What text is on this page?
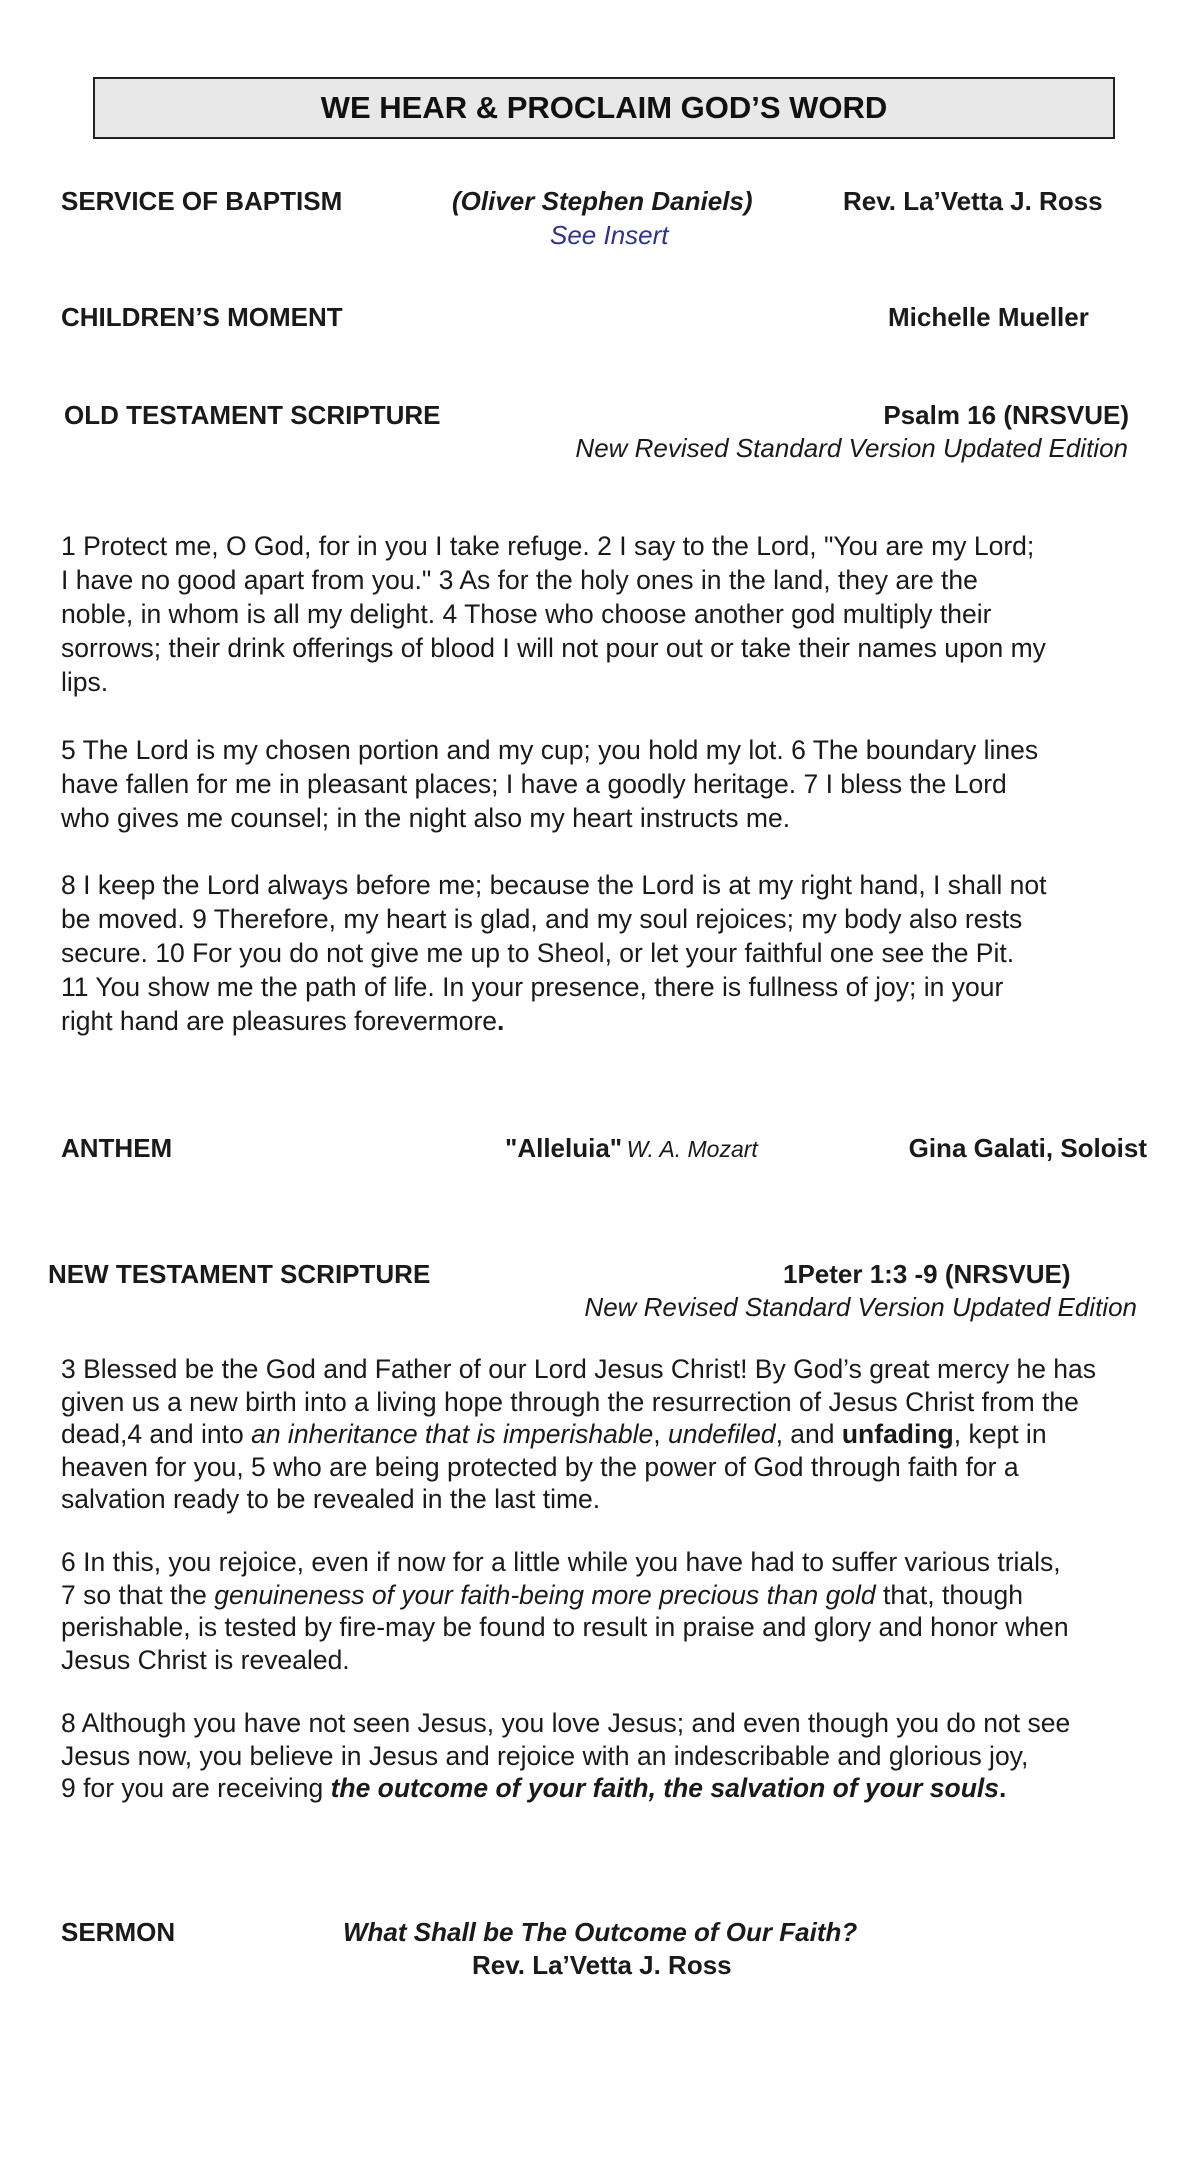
WE HEAR & PROCLAIM GOD’S WORD
SERVICE OF BAPTISM	(Oliver Stephen Daniels)	Rev. La’Vetta J. Ross
See Insert
CHILDREN’S MOMENT	Michelle Mueller
OLD TESTAMENT SCRIPTURE	Psalm 16 (NRSVUE)
New Revised Standard Version Updated Edition
1 Protect me, O God, for in you I take refuge. 2 I say to the Lord, "You are my Lord;
I have no good apart from you." 3 As for the holy ones in the land, they are the
noble, in whom is all my delight. 4 Those who choose another god multiply their
sorrows; their drink offerings of blood I will not pour out or take their names upon my
lips.
5 The Lord is my chosen portion and my cup; you hold my lot. 6 The boundary lines
have fallen for me in pleasant places; I have a goodly heritage. 7 I bless the Lord
who gives me counsel; in the night also my heart instructs me.
8 I keep the Lord always before me; because the Lord is at my right hand, I shall not
be moved. 9 Therefore, my heart is glad, and my soul rejoices; my body also rests
secure. 10 For you do not give me up to Sheol, or let your faithful one see the Pit.
11 You show me the path of life. In your presence, there is fullness of joy; in your
right hand are pleasures forevermore.
ANTHEM	"Alleluia" W. A. Mozart	Gina Galati, Soloist
NEW TESTAMENT SCRIPTURE	1Peter 1:3 -9 (NRSVUE)
New Revised Standard Version Updated Edition
3 Blessed be the God and Father of our Lord Jesus Christ! By God’s great mercy he has
given us a new birth into a living hope through the resurrection of Jesus Christ from the
dead,4 and into an inheritance that is imperishable, undefiled, and unfading, kept in
heaven for you, 5 who are being protected by the power of God through faith for a
salvation ready to be revealed in the last time.
6 In this, you rejoice, even if now for a little while you have had to suffer various trials,
7 so that the genuineness of your faith-being more precious than gold that, though
perishable, is tested by fire-may be found to result in praise and glory and honor when
Jesus Christ is revealed.
8 Although you have not seen Jesus, you love Jesus; and even though you do not see
Jesus now, you believe in Jesus and rejoice with an indescribable and glorious joy,
9 for you are receiving the outcome of your faith, the salvation of your souls.
SERMON	What Shall be The Outcome of Our Faith?
Rev. La’Vetta J. Ross
